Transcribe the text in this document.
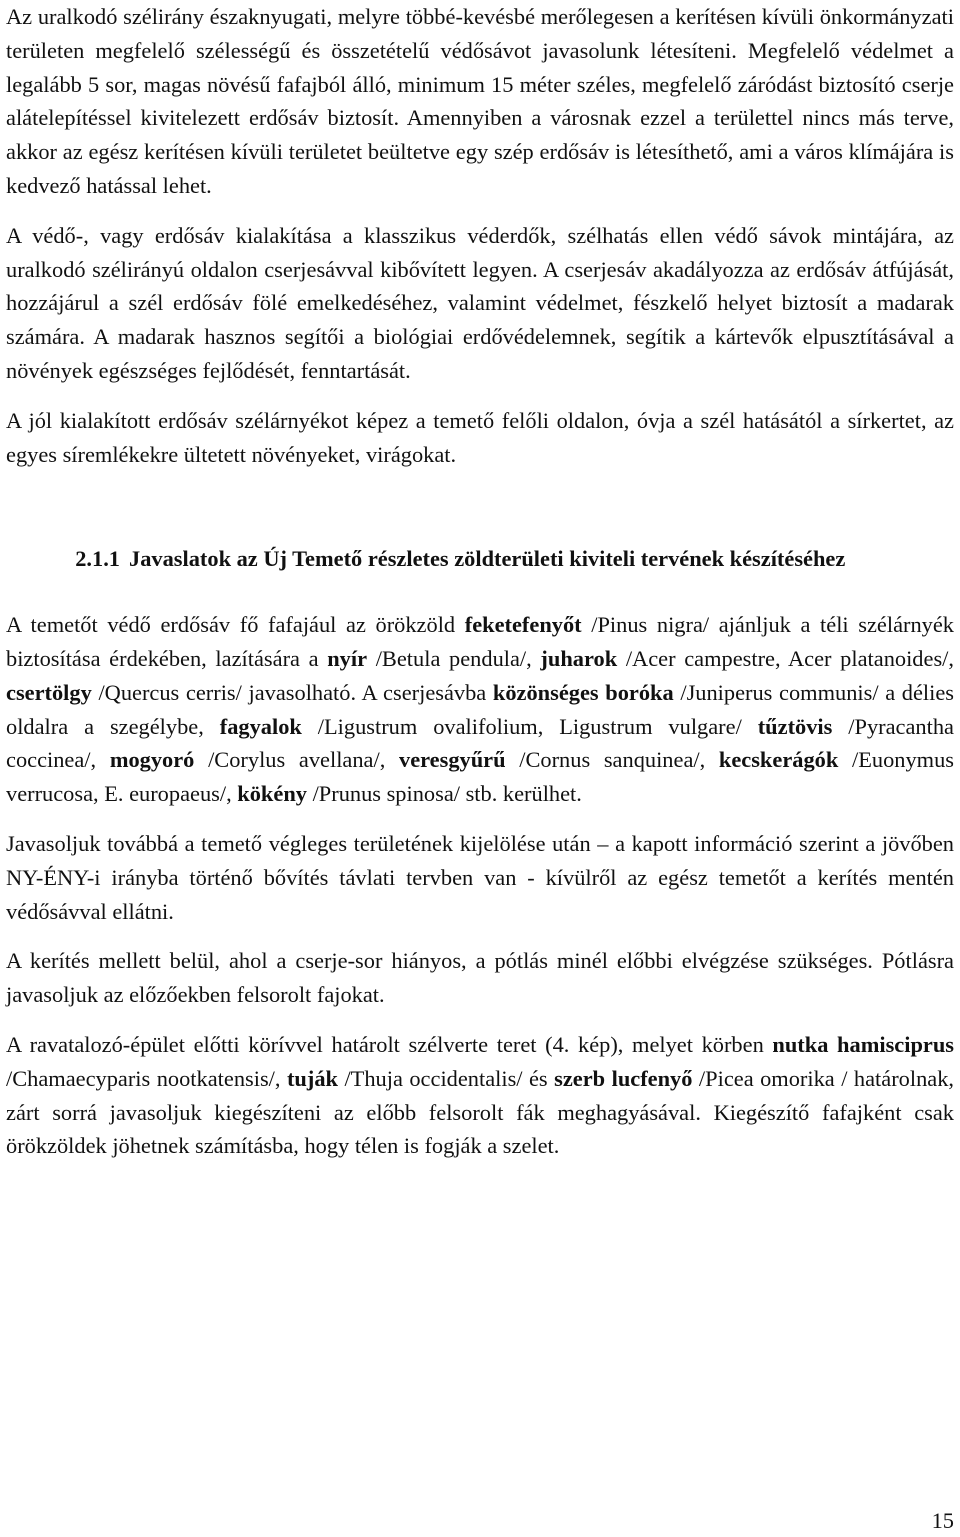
Az uralkodó szélirány északnyugati, melyre többé-kevésbé merőlegesen a kerítésen kívüli önkormányzati területen megfelelő szélességű és összetételű védősávot javasolunk létesíteni. Megfelelő védelmet a legalább 5 sor, magas növésű fafajból álló, minimum 15 méter széles, megfelelő záródást biztosító cserje alátelepítéssel kivitelezett erdősáv biztosít. Amennyiben a városnak ezzel a területtel nincs más terve, akkor az egész kerítésen kívüli területet beültetve egy szép erdősáv is létesíthető, ami a város klímájára is kedvező hatással lehet.

A védő-, vagy erdősáv kialakítása a klasszikus véderdők, szélhatás ellen védő sávok mintájára, az uralkodó szélirányú oldalon cserjesávval kibővített legyen. A cserjesáv akadályozza az erdősáv átfújását, hozzájárul a szél erdősáv fölé emelkedéséhez, valamint védelmet, fészkelő helyet biztosít a madarak számára. A madarak hasznos segítői a biológiai erdővédelemnek, segítik a kártevők elpusztításával a növények egészséges fejlődését, fenntartását.

A jól kialakított erdősáv szélárnyékot képez a temető felőli oldalon, óvja a szél hatásától a sírkertet, az egyes síremlékekre ültetett növényeket, virágokat.

2.1.1 Javaslatok az Új Temető részletes zöldterületi kiviteli tervének készítéséhez

A temetőt védő erdősáv fő fafajául az örökzöld feketefenyőt /Pinus nigra/ ajánljuk a téli szélárnyék biztosítása érdekében, lazítására a nyír /Betula pendula/, juharok /Acer campestre, Acer platanoides/, csertölgy /Quercus cerris/ javasolható. A cserjesávba közönséges boróka /Juniperus communis/ a délies oldalra a szegélybe, fagyalok /Ligustrum ovalifolium, Ligustrum vulgare/ tűztövis /Pyracantha coccinea/, mogyoró /Corylus avellana/, veresgyűrű /Cornus sanquinea/, kecskerágók /Euonymus verrucosa, E. europaeus/, kökény /Prunus spinosa/ stb. kerülhet.

Javasoljuk továbbá a temető végleges területének kijelölése után – a kapott információ szerint a jövőben NY-ÉNY-i irányba történő bővítés távlati tervben van - kívülről az egész temetőt a kerítés mentén védősávval ellátni.

A kerítés mellett belül, ahol a cserje-sor hiányos, a pótlás minél előbbi elvégzése szükséges. Pótlásra javasoljuk az előzőekben felsorolt fajokat.

A ravatalozó-épület előtti körívvel határolt szélverte teret (4. kép), melyet körben nutka hamisciprus /Chamaecyparis nootkatensis/, tuják /Thuja occidentalis/ és szerb lucfenyő /Picea omorika / határolnak, zárt sorrá javasoljuk kiegészíteni az előbb felsorolt fák meghagyásával. Kiegészítő fafajként csak örökzöldek jöhetnek számításba, hogy télen is fogják a szelet.

15
